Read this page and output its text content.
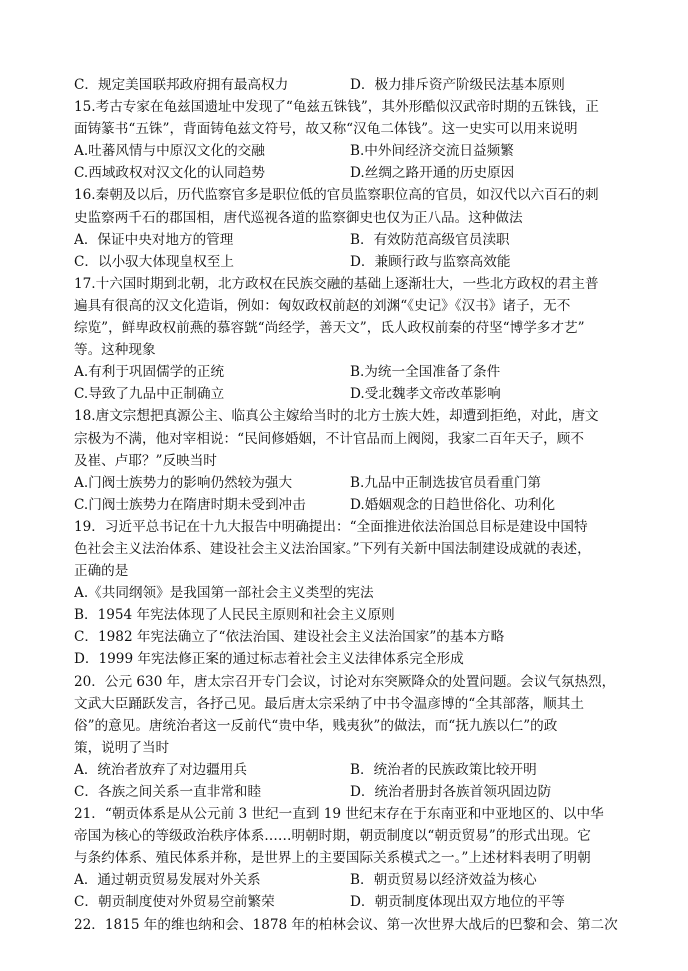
C．规定美国联邦政府拥有最高权力	D．极力排斥资产阶级民法基本原则
15.考古专家在龟兹国遗址中发现了“龟兹五铢钱”，其外形酷似汉武帝时期的五铢钱，正
面铸篆书“五铢”，背面铸龟兹文符号，故又称“汉龟二体钱”。这一史实可以用来说明
A.吐蕃风情与中原汉文化的交融	B.中外间经济交流日益频繁
C.西域政权对汉文化的认同趋势	D.丝绸之路开通的历史原因
16.秦朝及以后，历代监察官多是职位低的官员监察职位高的官员，如汉代以六百石的刺
史监察两千石的郡国相，唐代巡视各道的监察御史也仅为正八品。这种做法
A．保证中央对地方的管理	B．有效防范高级官员渎职
C．以小驭大体现皇权至上	D．兼顾行政与监察高效能
17.十六国时期到北朝，北方政权在民族交融的基础上逐渐壮大，一些北方政权的君主普
遍具有很高的汉文化造诣，例如：匈奴政权前赵的刘渊“《史记》《汉书》诸子，无不
综览”，鲜卑政权前燕的慕容皝“尚经学，善天文”，氐人政权前秦的苻坚“博学多才艺”
等。这种现象
A.有利于巩固儒学的正统	B.为统一全国准备了条件
C.导致了九品中正制确立	D.受北魏孝文帝改革影响
18.唐文宗想把真源公主、临真公主嫁给当时的北方士族大姓，却遭到拒绝，对此，唐文
宗极为不满，他对宰相说：“民间修婚姻，不计官品而上阀阅，我家二百年天子，顾不
及崔、卢耶？”反映当时
A.门阀士族势力的影响仍然较为强大	B.九品中正制选拔官员看重门第
C.门阀士族势力在隋唐时期未受到冲击	D.婚姻观念的日趋世俗化、功利化
19．习近平总书记在十九大报告中明确提出：“全面推进依法治国总目标是建设中国特
色社会主义法治体系、建设社会主义法治国家。”下列有关新中国法制建设成就的表述，
正确的是
A.《共同纲领》是我国第一部社会主义类型的宪法
B．1954 年宪法体现了人民民主原则和社会主义原则
C．1982 年宪法确立了“依法治国、建设社会主义法治国家”的基本方略
D．1999 年宪法修正案的通过标志着社会主义法律体系完全形成
20．公元 630 年，唐太宗召开专门会议，讨论对东突厥降众的处置问题。会议气氛热烈，
文武大臣踊跃发言，各抒己见。最后唐太宗采纳了中书令温彦博的“全其部落，顺其土
俗”的意见。唐统治者这一反前代“贵中华，贱夷狄”的做法，而“抚九族以仁”的政
策，说明了当时
A．统治者放弃了对边疆用兵	B．统治者的民族政策比较开明
C．各族之间关系一直非常和睦	D．统治者册封各族首领巩固边防
21．“朝贡体系是从公元前 3 世纪一直到 19 世纪末存在于东南亚和中亚地区的、以中华
帝国为核心的等级政治秩序体系……明朝时期，朝贡制度以“朝贡贸易”的形式出现。它
与条约体系、殖民体系并称，是世界上的主要国际关系模式之一。”上述材料表明了明朝
A．通过朝贡贸易发展对外关系	B．朝贡贸易以经济效益为核心
C．朝贡制度使对外贸易空前繁荣	D．朝贡制度体现出双方地位的平等
22．1815 年的维也纳和会、1878 年的柏林会议、第一次世界大战后的巴黎和会、第二次
